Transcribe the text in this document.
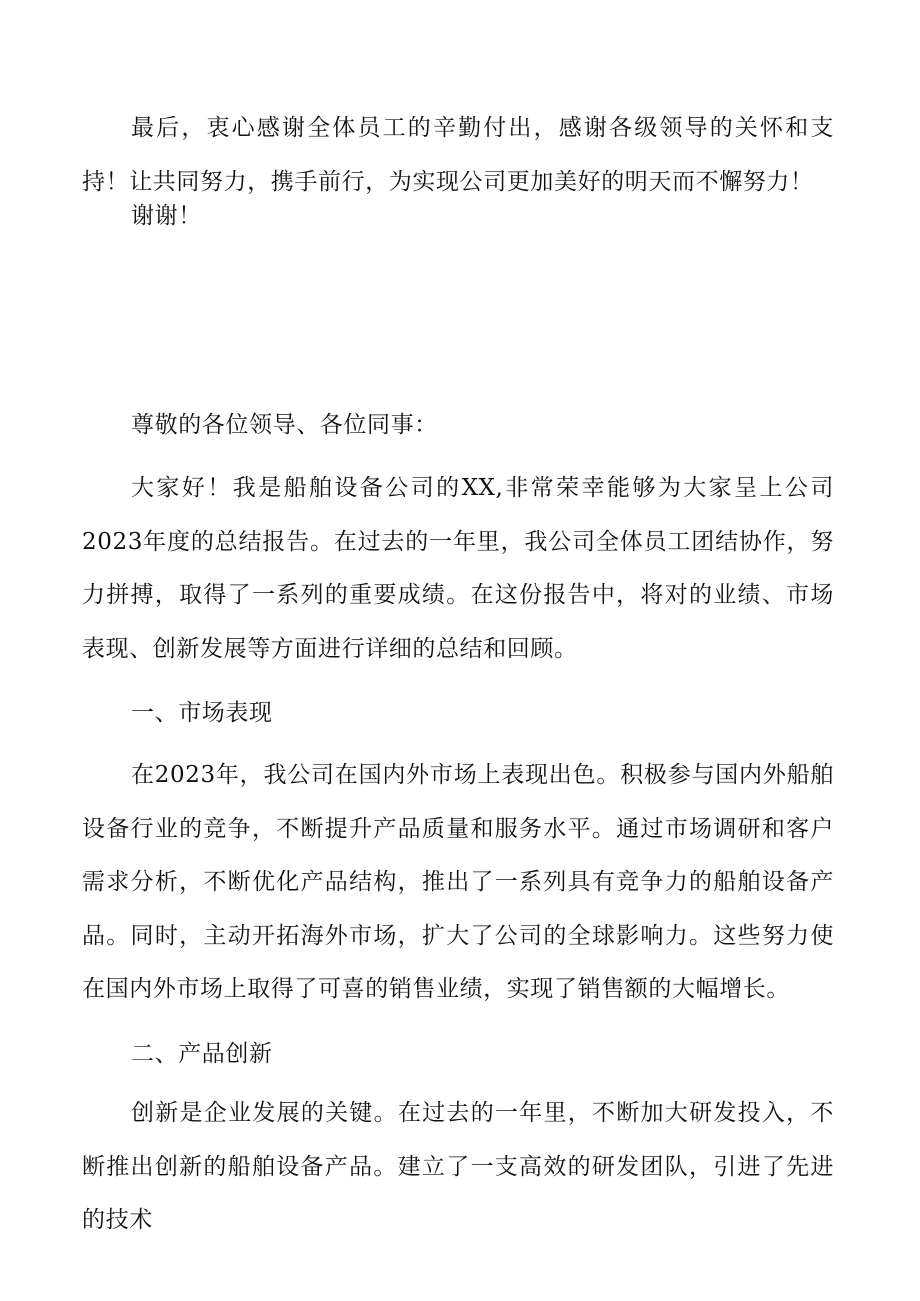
最后，衷心感谢全体员工的辛勤付出，感谢各级领导的关怀和支持！让共同努力，携手前行，为实现公司更加美好的明天而不懈努力！

谢谢！

尊敬的各位领导、各位同事：

大家好！我是船舶设备公司的XX,非常荣幸能够为大家呈上公司2023年度的总结报告。在过去的一年里，我公司全体员工团结协作，努力拼搏，取得了一系列的重要成绩。在这份报告中，将对的业绩、市场表现、创新发展等方面进行详细的总结和回顾。

一、市场表现

在2023年，我公司在国内外市场上表现出色。积极参与国内外船舶设备行业的竞争，不断提升产品质量和服务水平。通过市场调研和客户需求分析，不断优化产品结构，推出了一系列具有竞争力的船舶设备产品。同时，主动开拓海外市场，扩大了公司的全球影响力。这些努力使在国内外市场上取得了可喜的销售业绩，实现了销售额的大幅增长。

二、产品创新

创新是企业发展的关键。在过去的一年里，不断加大研发投入，不断推出创新的船舶设备产品。建立了一支高效的研发团队，引进了先进的技术
